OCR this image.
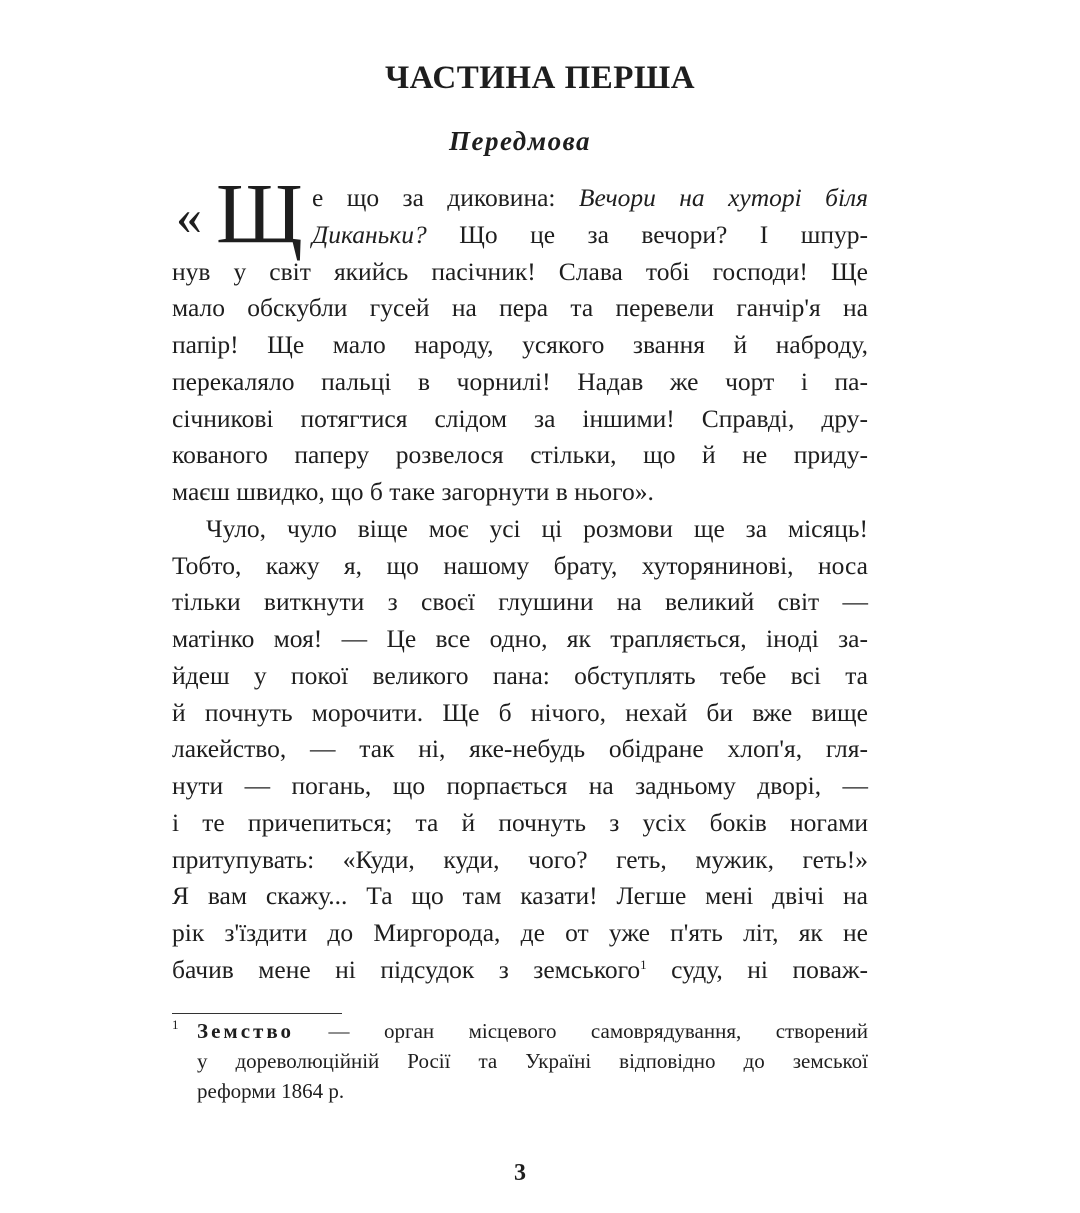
ЧАСТИНА ПЕРША
Передмова
« Щ е що за диковина: Вечори на хуторі біля
Диканьки? Що це за вечори? І шпур-
нув у світ якийсь пасічник! Слава тобі господи! Ще
мало обскубли гусей на пера та перевели ганчір'я на
папір! Ще мало народу, усякого звання й наброду,
перекаляло пальці в чорнилі! Надав же чорт і па-
січникові потягтися слідом за іншими! Справді, дру-
кованого паперу розвелося стільки, що й не приду-
маєш швидко, що б таке загорнути в нього».
Чуло, чуло віще моє усі ці розмови ще за місяць!
Тобто, кажу я, що нашому брату, хуторянинові, носа
тільки виткнути з своєї глушини на великий світ —
матінко моя! — Це все одно, як трапляється, іноді за-
йдеш у покої великого пана: обступлять тебе всі та
й почнуть морочити. Ще б нічого, нехай би вже вище
лакейство, — так ні, яке-небудь обідране хлоп'я, гля-
нути — погань, що порпається на задньому дворі, —
і те причепиться; та й почнуть з усіх боків ногами
притупувать: «Куди, куди, чого? геть, мужик, геть!»
Я вам скажу... Та що там казати! Легше мені двічі на
рік з'їздити до Миргорода, де от уже п'ять літ, як не
бачив мене ні підсудок з земського$^1$ суду, ні поваж-
1 Земство — орган місцевого самоврядування, створений
у дореволюційній Росії та Україні відповідно до земської
реформи 1864 р.
3
